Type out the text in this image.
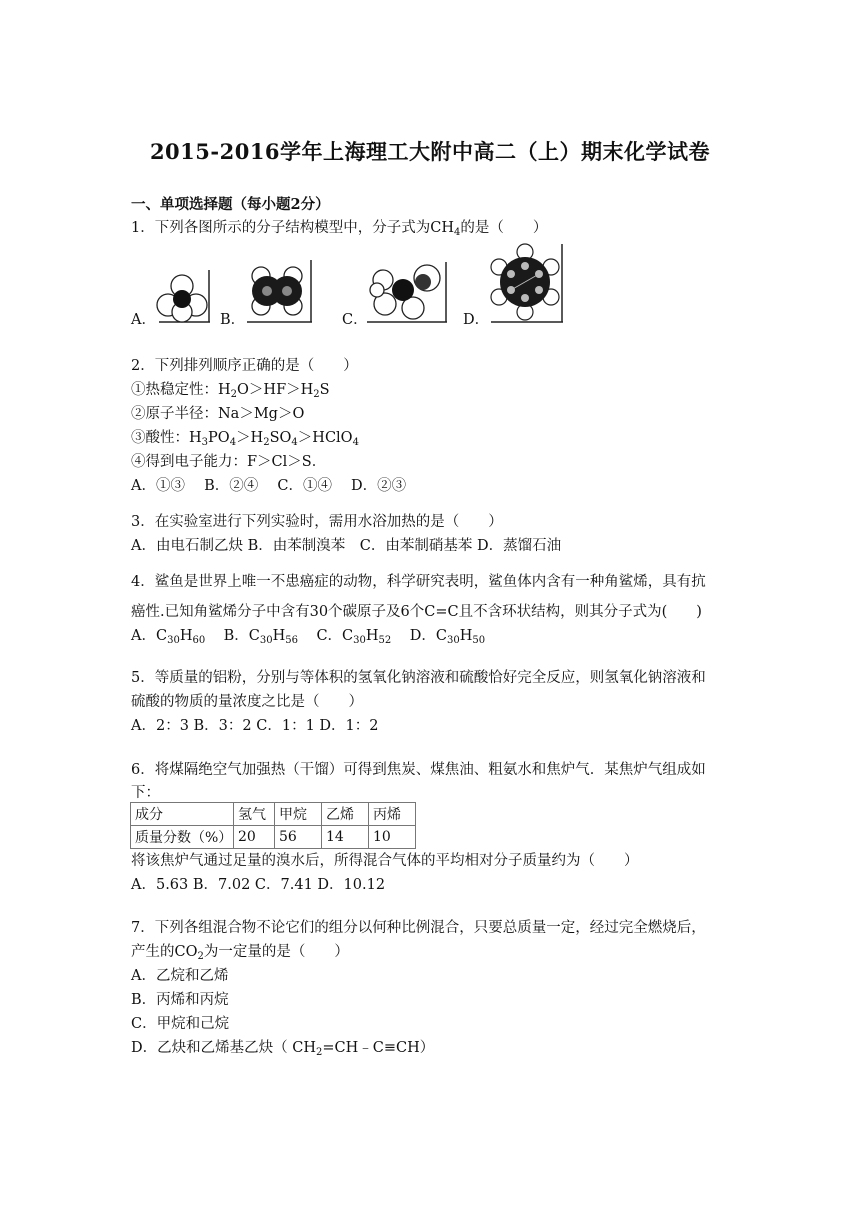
2015-2016学年上海理工大附中高二（上）期末化学试卷
一、单项选择题（每小题2分）
1．下列各图所示的分子结构模型中，分子式为$CH_4$的是（　　）
A．	B．	C．	D．
2．下列排列顺序正确的是（　　）
①热稳定性：$H_2O>HF>H_2S$
②原子半径：Na＞Mg＞O
③酸性：$H_3PO_4>H_2SO_4>HClO_4$
④得到电子能力：F＞Cl＞S．
A．①③　 B．②④　 C．①④　 D．②③
3．在实验室进行下列实验时，需用水浴加热的是（　　）
A．由电石制乙炔 B．由苯制溴苯　C．由苯制硝基苯 D．蒸馏石油
4．鲨鱼是世界上唯一不患癌症的动物，科学研究表明，鲨鱼体内含有一种角鲨烯，具有抗
癌性.已知角鲨烯分子中含有30个碳原子及6个C=C且不含环状结构，则其分子式为(　　)
A．$C_{30}H_{60}$ B．$C_{30}H_{56}$ C．$C_{30}H_{52}$ D．$C_{30}H_{50}$
5．等质量的铝粉，分别与等体积的氢氧化钠溶液和硫酸恰好完全反应，则氢氧化钠溶液和
硫酸的物质的量浓度之比是（　　）
A．2：3 B．3：2 C．1：1 D．1：2
6．将煤隔绝空气加强热（干馏）可得到焦炭、煤焦油、粗氨水和焦炉气．某焦炉气组成如
下：
成分	氢气	甲烷	乙烯	丙烯
质量分数（%）	20	56	14	10
将该焦炉气通过足量的溴水后，所得混合气体的平均相对分子质量约为（　　）
A．5.63 B．7.02 C．7.41 D．10.12
7．下列各组混合物不论它们的组分以何种比例混合，只要总质量一定，经过完全燃烧后，
产生的$CO_2$为一定量的是（　　）
A．乙烷和乙烯
B．丙烯和丙烷
C．甲烷和己烷
D．乙炔和乙烯基乙炔（ $CH_2=CH﹣C\equiv CH$）
